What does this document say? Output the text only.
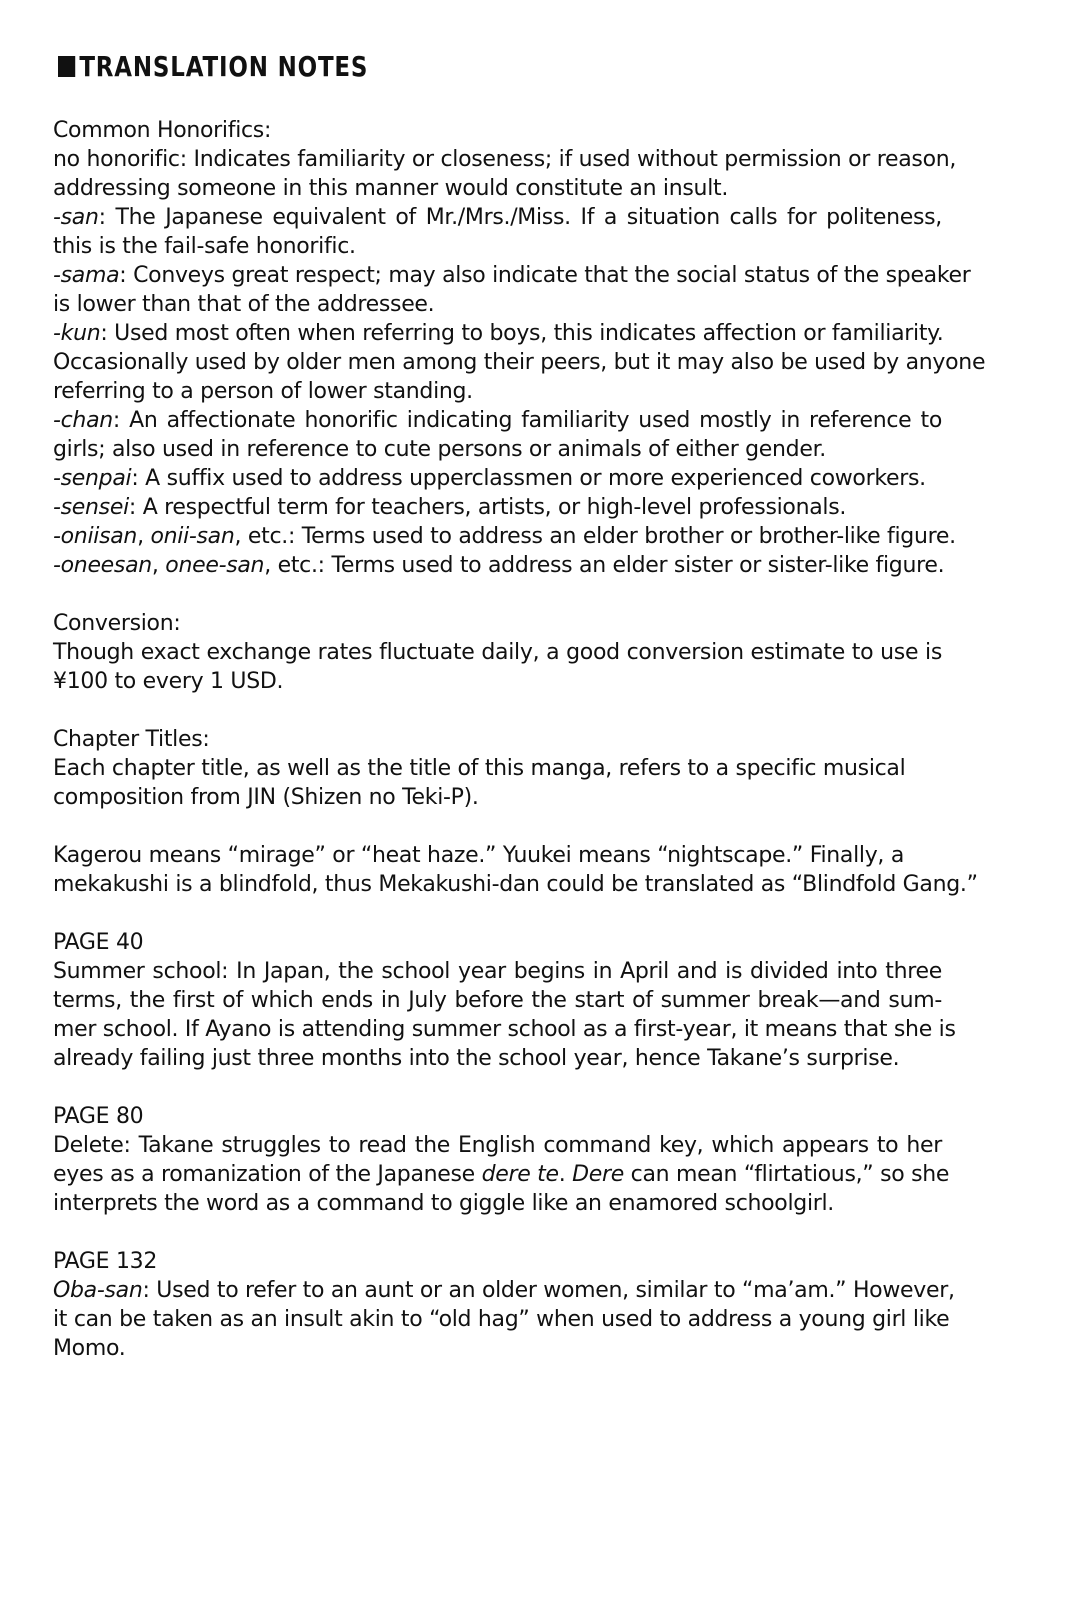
TRANSLATION NOTES
Common Honorifics:
no honorific: Indicates familiarity or closeness; if used without permission or reason,
addressing someone in this manner would constitute an insult.
-san: The Japanese equivalent of Mr./Mrs./Miss. If a situation calls for politeness,
this is the fail-safe honorific.
-sama: Conveys great respect; may also indicate that the social status of the speaker
is lower than that of the addressee.
-kun: Used most often when referring to boys, this indicates affection or familiarity.
Occasionally used by older men among their peers, but it may also be used by anyone
referring to a person of lower standing.
-chan: An affectionate honorific indicating familiarity used mostly in reference to
girls; also used in reference to cute persons or animals of either gender.
-senpai: A suffix used to address upperclassmen or more experienced coworkers.
-sensei: A respectful term for teachers, artists, or high-level professionals.
-oniisan, onii-san, etc.: Terms used to address an elder brother or brother-like figure.
-oneesan, onee-san, etc.: Terms used to address an elder sister or sister-like figure.
Conversion:
Though exact exchange rates fluctuate daily, a good conversion estimate to use is
¥100 to every 1 USD.
Chapter Titles:
Each chapter title, as well as the title of this manga, refers to a specific musical
composition from JIN (Shizen no Teki-P).
Kagerou means “mirage” or “heat haze.” Yuukei means “nightscape.” Finally, a
mekakushi is a blindfold, thus Mekakushi-dan could be translated as “Blindfold Gang.”
PAGE 40
Summer school: In Japan, the school year begins in April and is divided into three
terms, the first of which ends in July before the start of summer break—and sum-
mer school. If Ayano is attending summer school as a first-year, it means that she is
already failing just three months into the school year, hence Takane’s surprise.
PAGE 80
Delete: Takane struggles to read the English command key, which appears to her
eyes as a romanization of the Japanese dere te. Dere can mean “flirtatious,” so she
interprets the word as a command to giggle like an enamored schoolgirl.
PAGE 132
Oba-san: Used to refer to an aunt or an older women, similar to “ma’am.” However,
it can be taken as an insult akin to “old hag” when used to address a young girl like
Momo.
